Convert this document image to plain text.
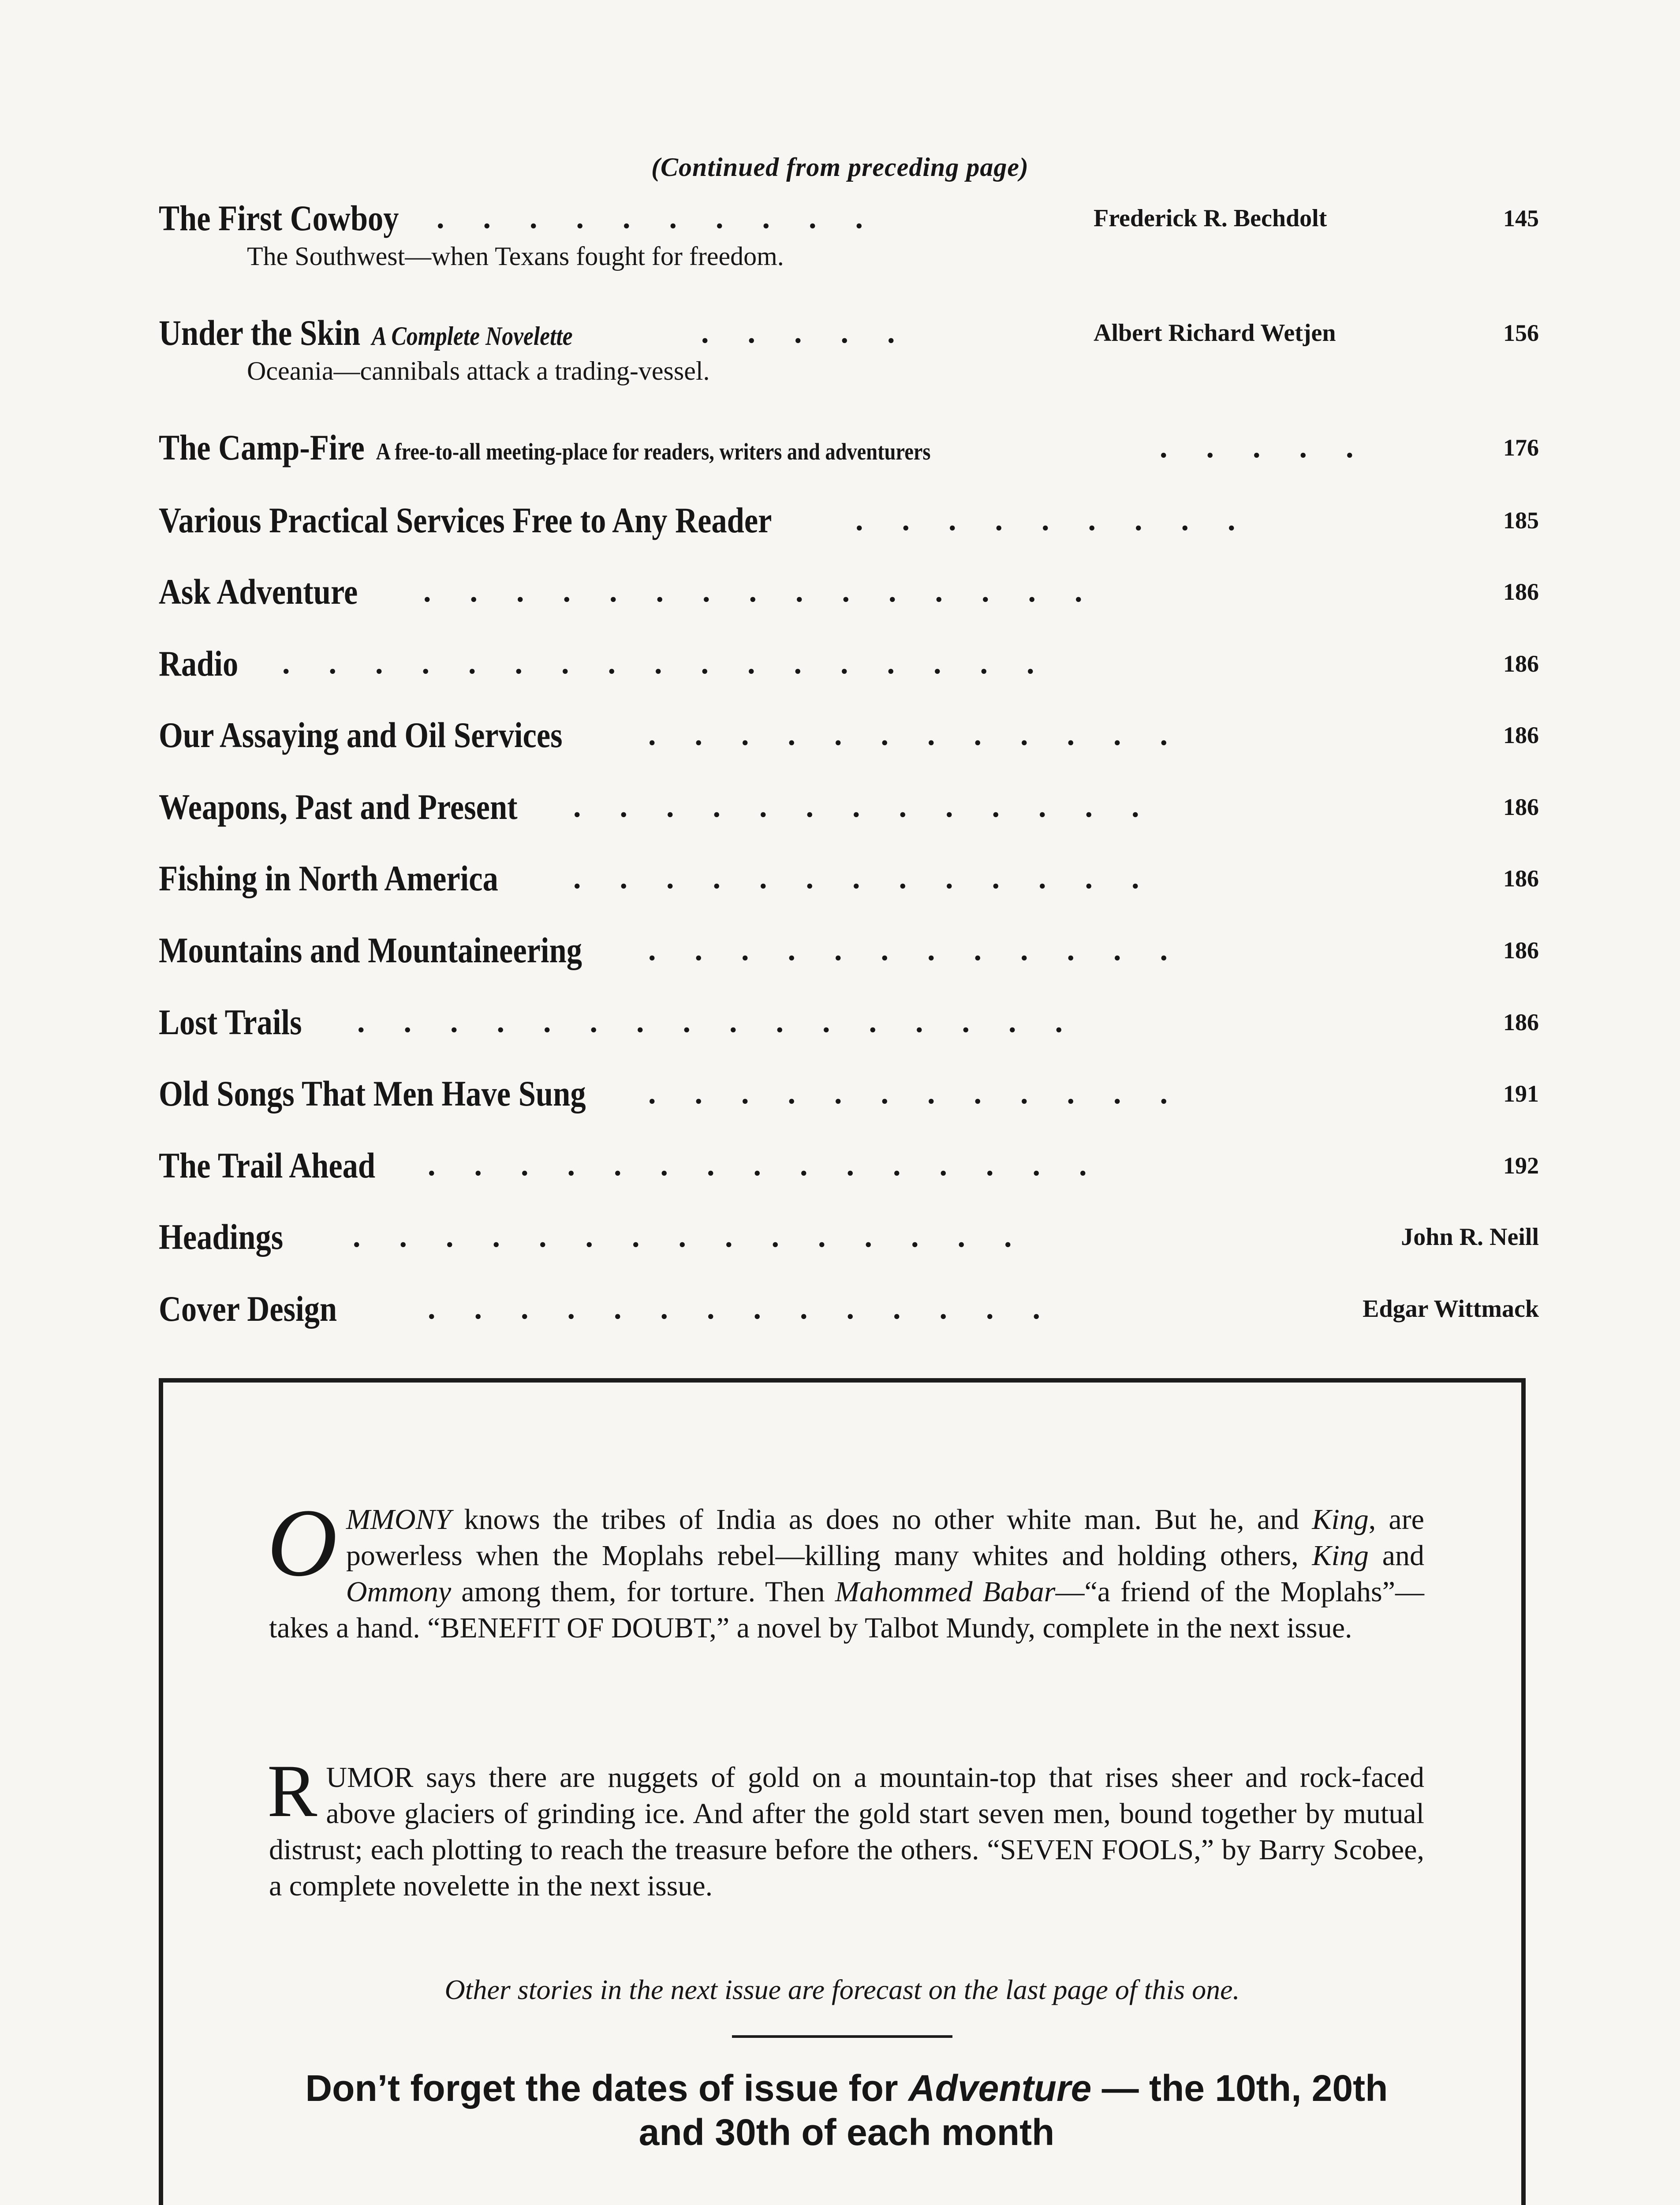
(Continued from preceding page)
The First Cowboy ..........	Frederick R. Bechdolt	145
The Southwest—when Texans fought for freedom.
Under the Skin A Complete Novelette	.....	Albert Richard Wetjen	156
Oceania—cannibals attack a trading-vessel.
The Camp-Fire A free-to-all meeting-place for readers, writers and adventurers	.....	176
Various Practical Services Free to Any Reader	.........	185
Ask Adventure ...............	186
Radio .................	186
Our Assaying and Oil Services	............	186
Weapons, Past and Present .............	186
Fishing in North America .............	186
Mountains and Mountaineering ............	186
Lost Trails ................	186
Old Songs That Men Have Sung ............	191
The Trail Ahead ...............	192
Headings ...............	John R. Neill
Cover Design	..............	Edgar Wittmack
OMMONY knows the tribes of India as does no other white man. But he, and King, are powerless when the Moplahs rebel—killing many whites and holding others, King and Ommony among them, for torture. Then Mahommed Babar—“a friend of the Moplahs”—takes a hand. “BENEFIT OF DOUBT,” a novel by Talbot Mundy, complete in the next issue.
RUMOR says there are nuggets of gold on a mountain-top that rises sheer and rock-faced above glaciers of grinding ice. And after the gold start seven men, bound together by mutual distrust; each plotting to reach the treasure before the others. “SEVEN FOOLS,” by Barry Scobee, a complete novelette in the next issue.
Other stories in the next issue are forecast on the last page of this one.
Don’t forget the dates of issue for Adventure — the 10th, 20th and 30th of each month
